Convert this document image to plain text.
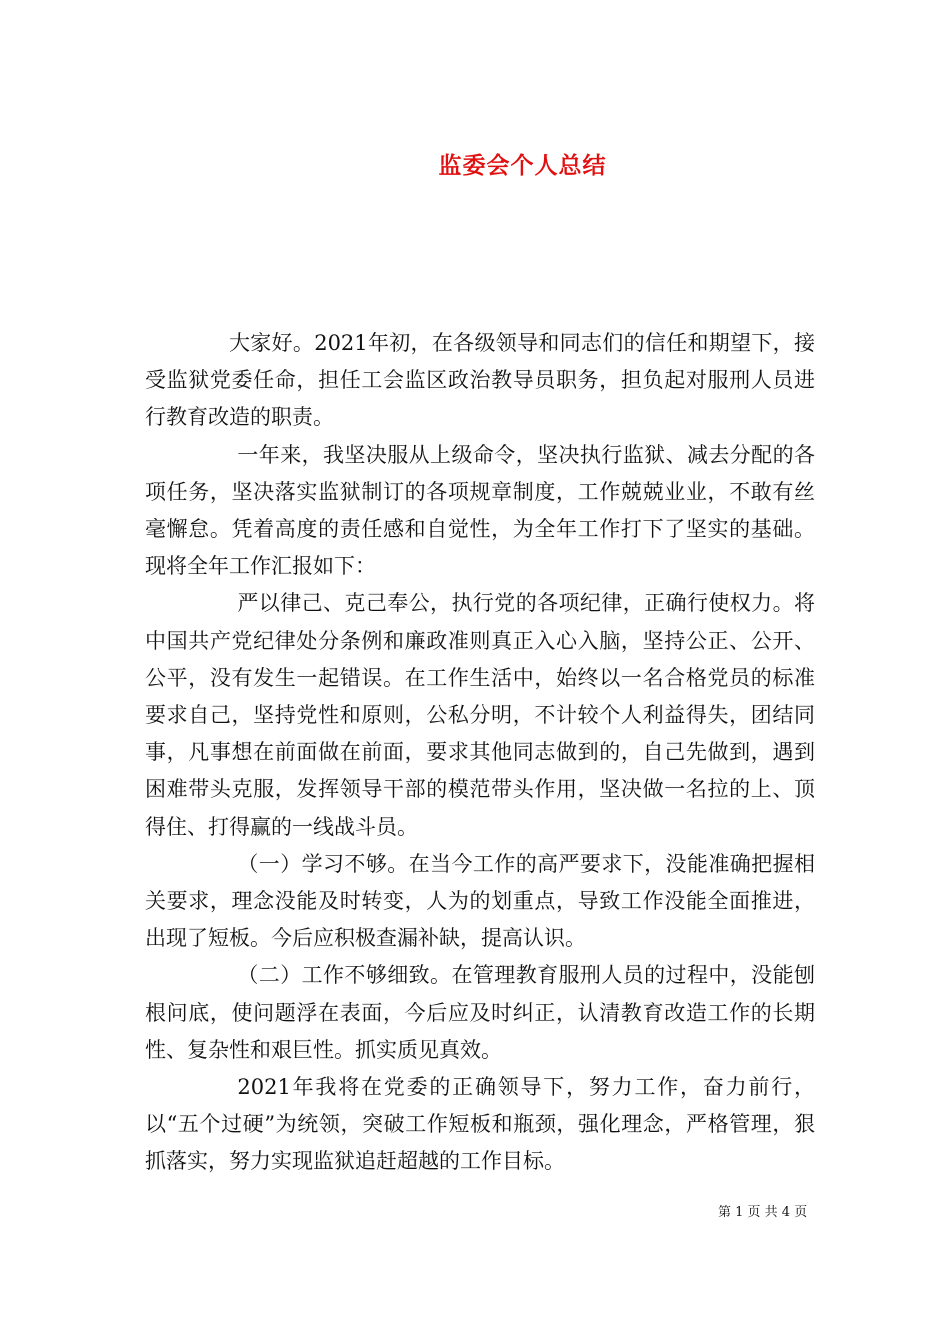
监委会个人总结

大家好。2021年初，在各级领导和同志们的信任和期望下，接受监狱党委任命，担任工会监区政治教导员职务，担负起对服刑人员进行教育改造的职责。

一年来，我坚决服从上级命令，坚决执行监狱、减去分配的各项任务，坚决落实监狱制订的各项规章制度，工作兢兢业业，不敢有丝毫懈怠。凭着高度的责任感和自觉性，为全年工作打下了坚实的基础。现将全年工作汇报如下：

严以律己、克己奉公，执行党的各项纪律，正确行使权力。将中国共产党纪律处分条例和廉政准则真正入心入脑，坚持公正、公开、公平，没有发生一起错误。在工作生活中，始终以一名合格党员的标准要求自己，坚持党性和原则，公私分明，不计较个人利益得失，团结同事，凡事想在前面做在前面，要求其他同志做到的，自己先做到，遇到困难带头克服，发挥领导干部的模范带头作用，坚决做一名拉的上、顶得住、打得赢的一线战斗员。

（一）学习不够。在当今工作的高严要求下，没能准确把握相关要求，理念没能及时转变，人为的划重点，导致工作没能全面推进，出现了短板。今后应积极查漏补缺，提高认识。

（二）工作不够细致。在管理教育服刑人员的过程中，没能刨根问底，使问题浮在表面，今后应及时纠正，认清教育改造工作的长期性、复杂性和艰巨性。抓实质见真效。

2021年我将在党委的正确领导下，努力工作，奋力前行，以“五个过硬”为统领，突破工作短板和瓶颈，强化理念，严格管理，狠抓落实，努力实现监狱追赶超越的工作目标。

第 1 页 共 4 页
